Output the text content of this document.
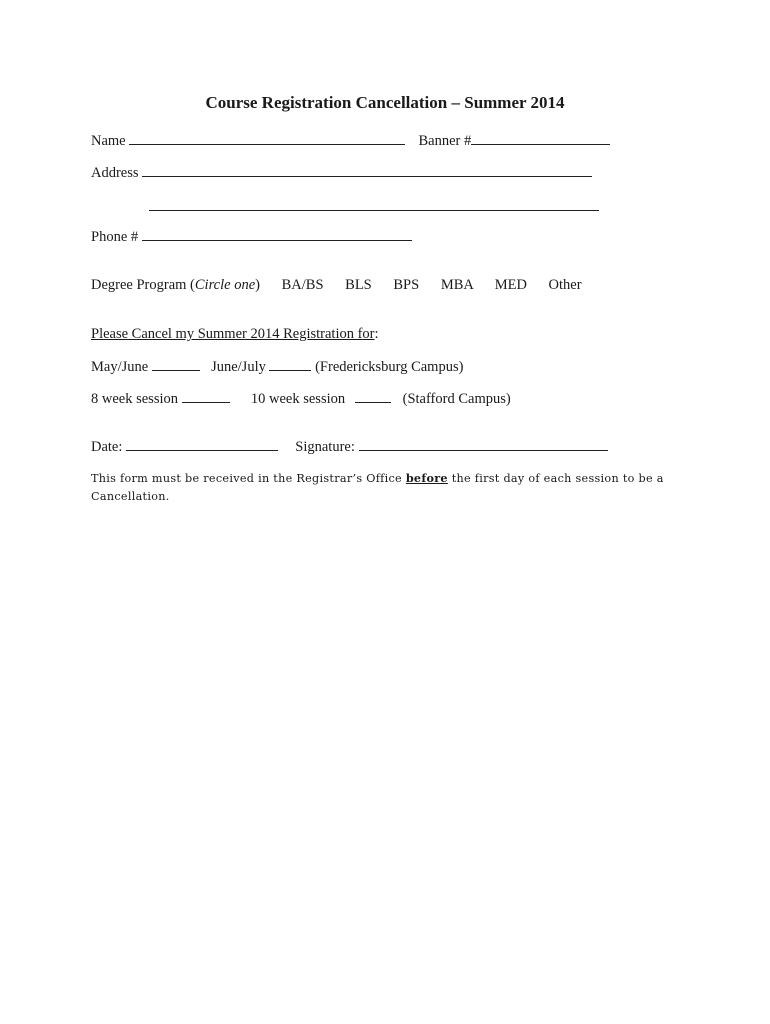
Course Registration Cancellation – Summer 2014
Name	Banner #
Address
Phone #
Degree Program (Circle one) BA/BS BLS BPS MBA MED Other
Please Cancel my Summer 2014 Registration for:
May/June	June/July	(Fredericksburg Campus)
8 week session	10 week session	(Stafford Campus)
Date:	Signature:
This form must be received in the Registrar’s Office before the first day of each session to be a Cancellation.
